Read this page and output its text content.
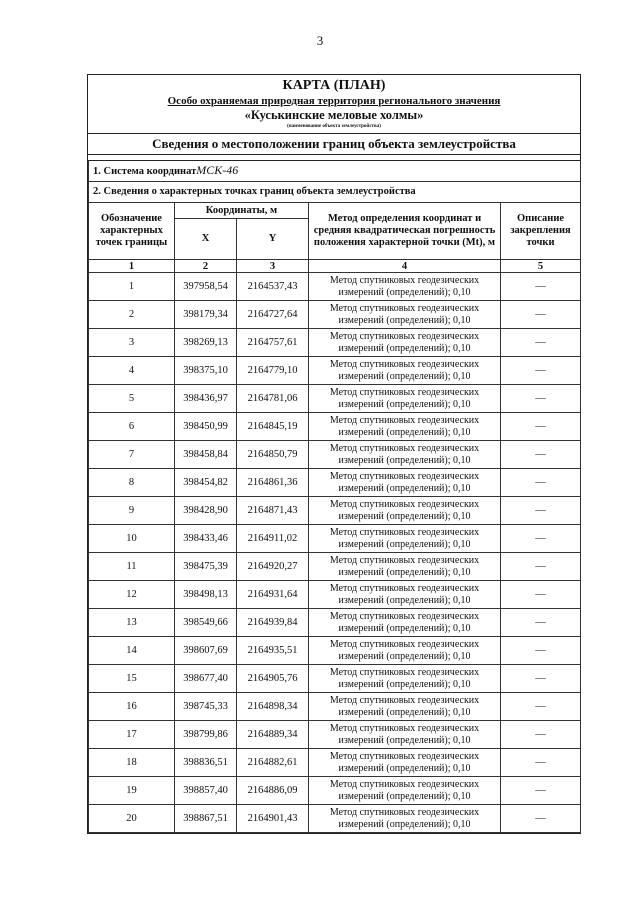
3
КАРТА (ПЛАН)
Особо охраняемая природная территория регионального значения
«Куськинские меловые холмы»
(наименование объекта землеустройства)
Сведения о местоположении границ объекта землеустройства
1. Система координатМСК-46				
2. Сведения о характерных точках границ объекта землеустройства				
Обозначение характерных точек границы	Координаты, м		Метод определения координат и средняя квадратическая погрешность положения характерной точки (Mt), м	Описание закрепления точки
	X	Y		
1	2	3	4	5
1	397958,54	2164537,43	Метод спутниковых геодезических измерений (определений); 0,10	—
2	398179,34	2164727,64	Метод спутниковых геодезических измерений (определений); 0,10	—
3	398269,13	2164757,61	Метод спутниковых геодезических измерений (определений); 0,10	—
4	398375,10	2164779,10	Метод спутниковых геодезических измерений (определений); 0,10	—
5	398436,97	2164781,06	Метод спутниковых геодезических измерений (определений); 0,10	—
6	398450,99	2164845,19	Метод спутниковых геодезических измерений (определений); 0,10	—
7	398458,84	2164850,79	Метод спутниковых геодезических измерений (определений); 0,10	—
8	398454,82	2164861,36	Метод спутниковых геодезических измерений (определений); 0,10	—
9	398428,90	2164871,43	Метод спутниковых геодезических измерений (определений); 0,10	—
10	398433,46	2164911,02	Метод спутниковых геодезических измерений (определений); 0,10	—
11	398475,39	2164920,27	Метод спутниковых геодезических измерений (определений); 0,10	—
12	398498,13	2164931,64	Метод спутниковых геодезических измерений (определений); 0,10	—
13	398549,66	2164939,84	Метод спутниковых геодезических измерений (определений); 0,10	—
14	398607,69	2164935,51	Метод спутниковых геодезических измерений (определений); 0,10	—
15	398677,40	2164905,76	Метод спутниковых геодезических измерений (определений); 0,10	—
16	398745,33	2164898,34	Метод спутниковых геодезических измерений (определений); 0,10	—
17	398799,86	2164889,34	Метод спутниковых геодезических измерений (определений); 0,10	—
18	398836,51	2164882,61	Метод спутниковых геодезических измерений (определений); 0,10	—
19	398857,40	2164886,09	Метод спутниковых геодезических измерений (определений); 0,10	—
20	398867,51	2164901,43	Метод спутниковых геодезических измерений (определений); 0,10	—
